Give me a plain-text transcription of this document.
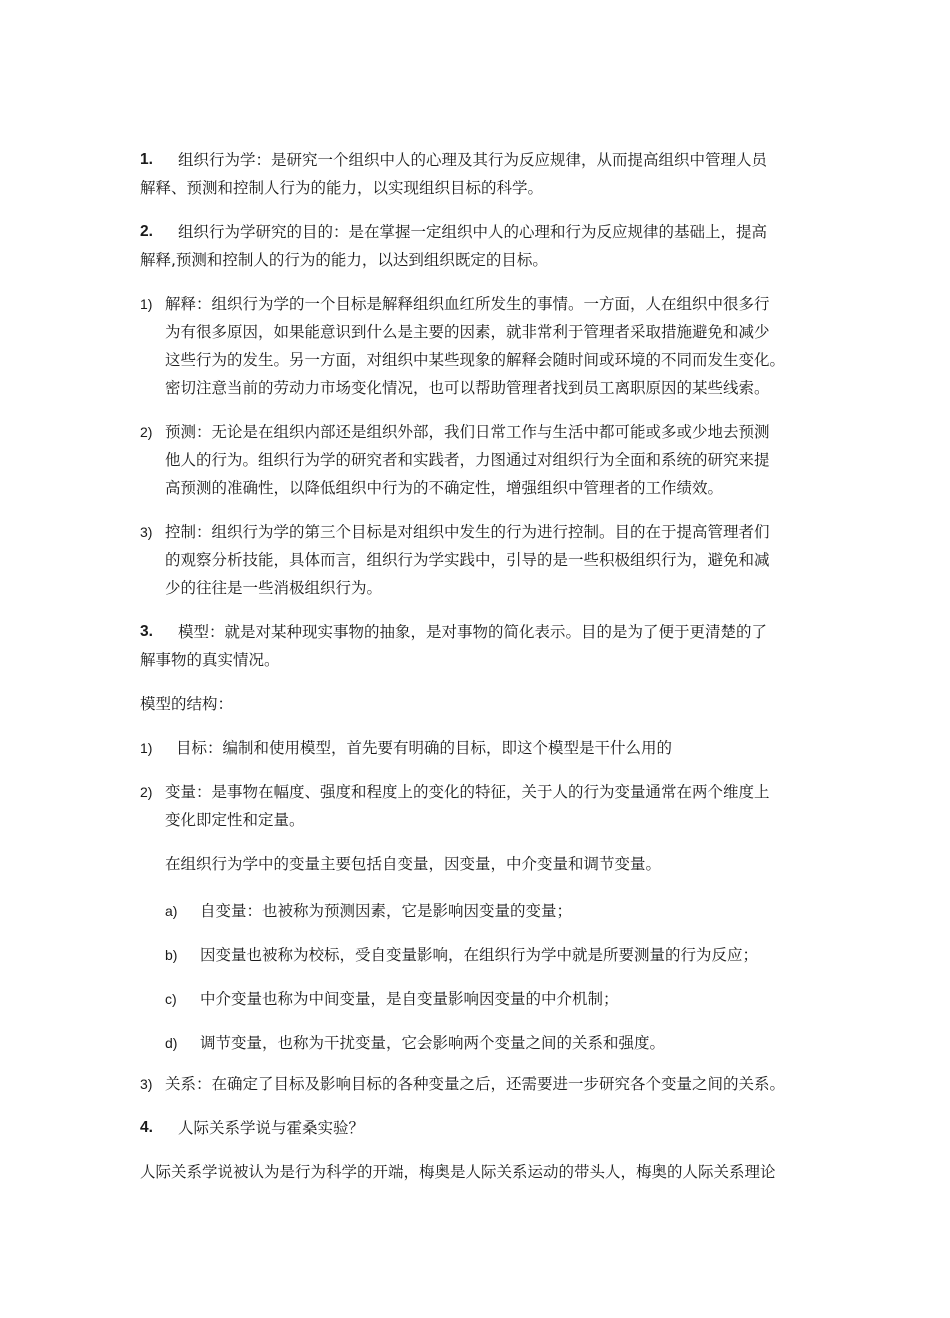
1. 组织行为学：是研究一个组织中人的心理及其行为反应规律，从而提高组织中管理人员
解释、预测和控制人行为的能力，以实现组织目标的科学。
2. 组织行为学研究的目的：是在掌握一定组织中人的心理和行为反应规律的基础上，提高
解释,预测和控制人的行为的能力，以达到组织既定的目标。
1) 解释：组织行为学的一个目标是解释组织血红所发生的事情。一方面，人在组织中很多行
为有很多原因，如果能意识到什么是主要的因素，就非常利于管理者采取措施避免和减少
这些行为的发生。另一方面，对组织中某些现象的解释会随时间或环境的不同而发生变化。
密切注意当前的劳动力市场变化情况，也可以帮助管理者找到员工离职原因的某些线索。
2) 预测：无论是在组织内部还是组织外部，我们日常工作与生活中都可能或多或少地去预测
他人的行为。组织行为学的研究者和实践者，力图通过对组织行为全面和系统的研究来提
高预测的准确性，以降低组织中行为的不确定性，增强组织中管理者的工作绩效。
3) 控制：组织行为学的第三个目标是对组织中发生的行为进行控制。目的在于提高管理者们
的观察分析技能，具体而言，组织行为学实践中，引导的是一些积极组织行为，避免和减
少的往往是一些消极组织行为。
3. 模型：就是对某种现实事物的抽象，是对事物的简化表示。目的是为了便于更清楚的了
解事物的真实情况。
模型的结构：
1) 目标：编制和使用模型，首先要有明确的目标，即这个模型是干什么用的
2) 变量：是事物在幅度、强度和程度上的变化的特征，关于人的行为变量通常在两个维度上
变化即定性和定量。
在组织行为学中的变量主要包括自变量，因变量，中介变量和调节变量。
a) 自变量：也被称为预测因素，它是影响因变量的变量；
b) 因变量也被称为校标，受自变量影响，在组织行为学中就是所要测量的行为反应；
c) 中介变量也称为中间变量，是自变量影响因变量的中介机制；
d) 调节变量，也称为干扰变量，它会影响两个变量之间的关系和强度。
3) 关系：在确定了目标及影响目标的各种变量之后，还需要进一步研究各个变量之间的关系。
4. 人际关系学说与霍桑实验？
人际关系学说被认为是行为科学的开端，梅奥是人际关系运动的带头人，梅奥的人际关系理论
